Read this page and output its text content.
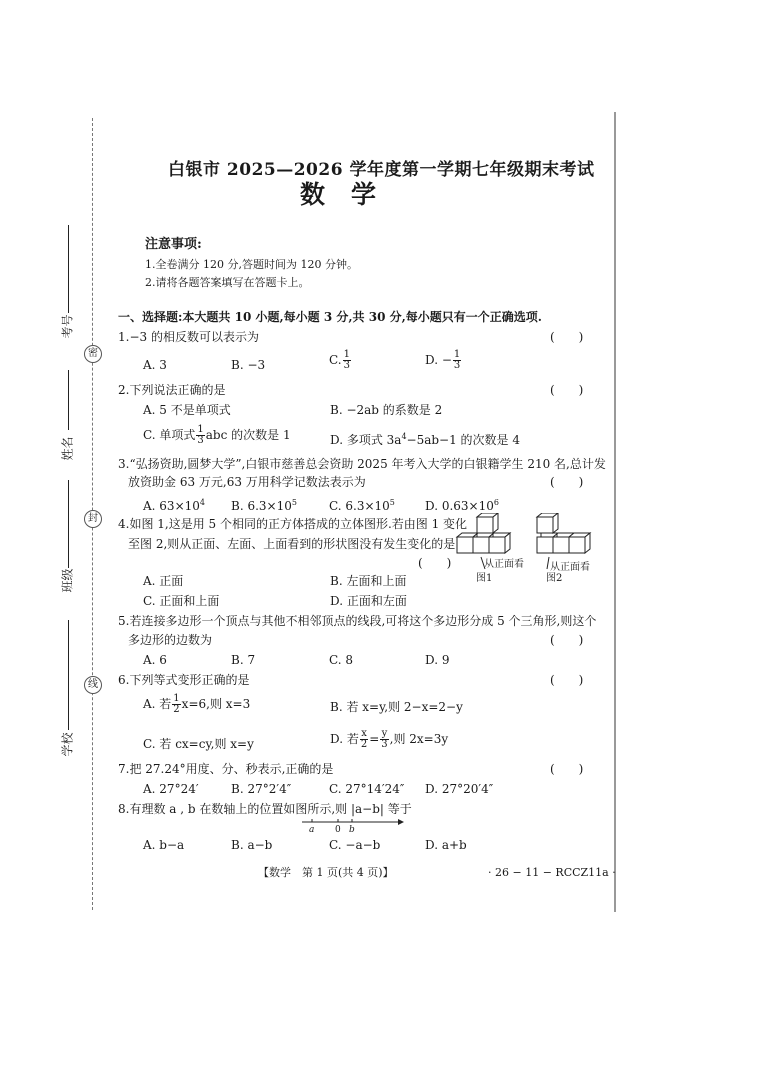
考号
姓名
班级
学校
密
封
线
白银市 2025—2026 学年度第一学期七年级期末考试
数学
注意事项:
1.全卷满分 120 分,答题时间为 120 分钟。
2.请将各题答案填写在答题卡上。
一、选择题:本大题共 10 小题,每小题 3 分,共 30 分,每小题只有一个正确选项.
1.−3 的相反数可以表示为	(　　)
A. 3	B. −3	C. $\frac{1}{3}$	D. − $\frac{1}{3}$
2.下列说法正确的是	(　　)
A. 5 不是单项式	B. −2ab 的系数是 2
C. 单项式 $\frac{1}{3}$ abc 的次数是 1	D. 多项式 $3a^4-5ab-1$ 的次数是 4
3.“弘扬资助,圆梦大学”,白银市慈善总会资助 2025 年考入大学的白银籍学生 210 名,总计发
放资助金 63 万元,63 万用科学记数法表示为	(　　)
A. $63\times 10^4$ B. $6.3\times 10^5$	C. $6.3\times 10^5$	D. $0.63\times 10^6$
4.如图 1,这是用 5 个相同的正方体搭成的立体图形.若由图 1 变化
至图 2,则从正面、左面、上面看到的形状图没有发生变化的是
(　　)	从正面看
图1
从正面看
图2
A. 正面	B. 左面和上面
C. 正面和上面	D. 正面和左面
5.若连接多边形一个顶点与其他不相邻顶点的线段,可将这个多边形分成 5 个三角形,则这个
多边形的边数为	(　　)
A. 6	B. 7	C. 8	D. 9
6.下列等式变形正确的是	(　　)
A. 若 $\frac{1}{2} x=6$,则 x=3	B. 若 x=y,则 2−x=2−y
C. 若 cx=cy,则 x=y	D. 若 $\frac{x}{2} = \frac{y}{3}$ ,则 2x=3y
7.把 27.24°用度、分、秒表示,正确的是	(　　)
A. 27°24′	B. 27°2′4″	C. 27°14′24″ D. 27°20′4″
8.有理数 a , b 在数轴上的位置如图所示,则 |a−b| 等于
a 0 b
A. b−a	B. a−b	C. −a−b	D. a+b
【数学　第 1 页(共 4 页)】	· 26 − 11 − RCCZ11a ·
